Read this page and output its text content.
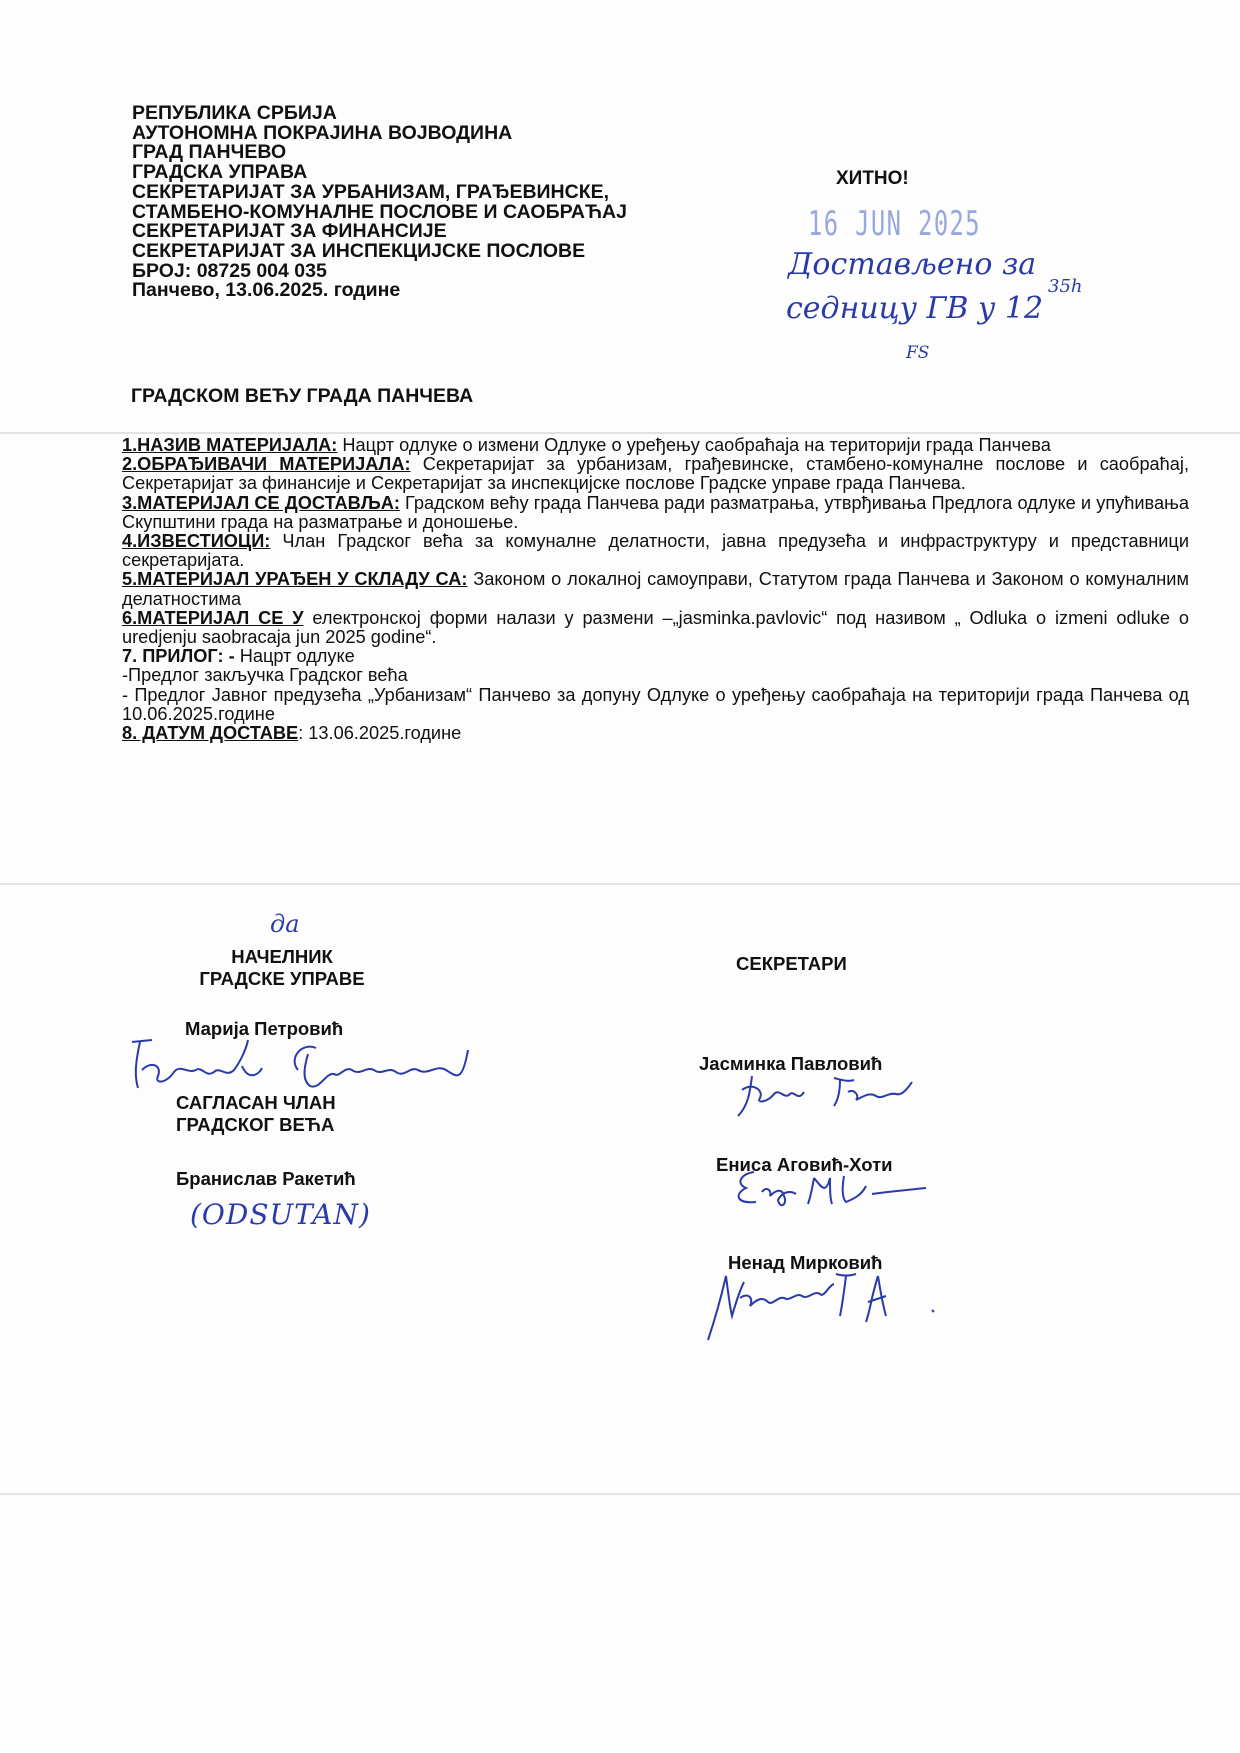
РЕПУБЛИКА СРБИЈА
АУТОНОМНА ПОКРАЈИНА ВОЈВОДИНА
ГРАД ПАНЧЕВО
ГРАДСКА УПРАВА
СЕКРЕТАРИЈАТ ЗА УРБАНИЗАМ, ГРАЂЕВИНСКЕ,
СТАМБЕНО-КОМУНАЛНЕ ПОСЛОВЕ И САОБРАЋАЈ
СЕКРЕТАРИЈАТ ЗА ФИНАНСИЈЕ
СЕКРЕТАРИЈАТ ЗА ИНСПЕКЦИЈСКЕ ПОСЛОВЕ
БРОЈ: 08725 004 035
Панчево, 13.06.2025. године
ХИТНО!
16 JUN 2025
Достављено за
седницу ГВ у 12
35h
FS
ГРАДСКОМ ВЕЋУ ГРАДА ПАНЧЕВА
1.НАЗИВ МАТЕРИЈАЛА: Нацрт одлуке о измени Одлуке о уређењу саобраћаја на територији града Панчева
2.ОБРАЂИВАЧИ МАТЕРИЈАЛА: Секретаријат за урбанизам, грађевинске, стамбено-комуналне послове и саобраћај, Секретаријат за финансије и Секретаријат за инспекцијске послове Градске управе града Панчева.
3.МАТЕРИЈАЛ СЕ ДОСТАВЉА: Градском већу града Панчева ради разматрања, утврђивања Предлога одлуке и упућивања Скупштини града на разматрање и доношење.
4.ИЗВЕСТИОЦИ: Члан Градског већа за комуналне делатности, јавна предузећа и инфраструктуру и представници секретаријата.
5.МАТЕРИЈАЛ УРАЂЕН У СКЛАДУ СА: Законом о локалној самоуправи, Статутом града Панчева и Законом о комуналним делатностима
6.МАТЕРИЈАЛ СЕ У електронској форми налази у размени –„jasminka.pavlovic“ под називом „ Odluka o izmeni odluke o uredjenju saobracaja jun 2025 godine“.
7. ПРИЛОГ: - Нацрт одлуке
-Предлог закључка Градског већа
- Предлог Јавног предузећа „Урбанизам“ Панчево за допуну Одлуке о уређењу саобраћаја на територији града Панчева од 10.06.2025.године
8. ДАТУМ ДОСТАВЕ: 13.06.2025.године
да
НАЧЕЛНИК
ГРАДСКЕ УПРАВЕ
Марија Петровић
САГЛАСАН ЧЛАН
ГРАДСКОГ ВЕЋА
Бранислав Ракетић
(ODSUTAN)
СЕКРЕТАРИ
Јасминка Павловић
Ениса Аговић-Хоти
Ненад Мирковић
